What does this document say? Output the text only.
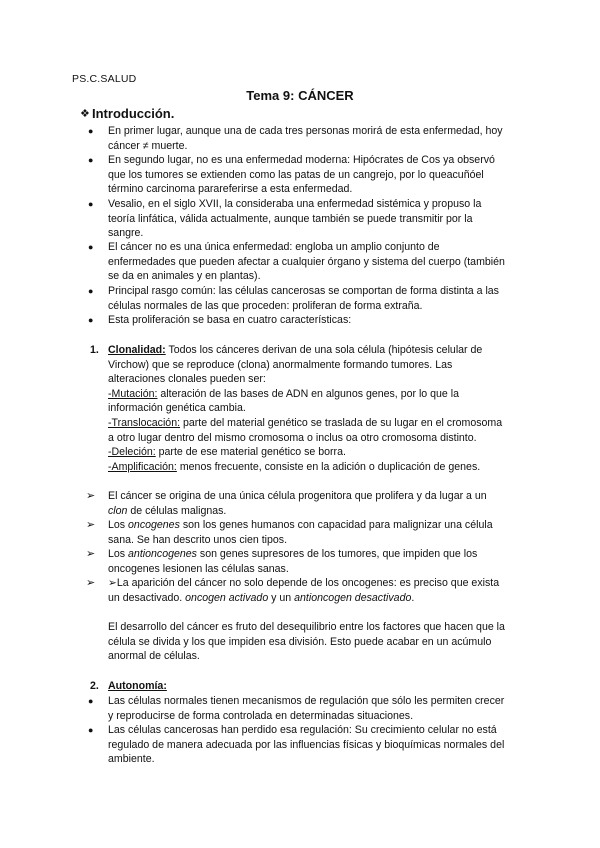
PS.C.SALUD
Tema 9: CÁNCER
❖ Introducción.
● En primer lugar, aunque una de cada tres personas morirá de esta enfermedad, hoy
cáncer ≠ muerte.
● En segundo lugar, no es una enfermedad moderna: Hipócrates de Cos ya observó
que los tumores se extienden como las patas de un cangrejo, por lo queacuñóel
término carcinoma parareferirse a esta enfermedad.
● Vesalio, en el siglo XVII, la consideraba una enfermedad sistémica y propuso la
teoría linfática, válida actualmente, aunque también se puede transmitir por la
sangre.
● El cáncer no es una única enfermedad: engloba un amplio conjunto de
enfermedades que pueden afectar a cualquier órgano y sistema del cuerpo (también
se da en animales y en plantas).
● Principal rasgo común: las células cancerosas se comportan de forma distinta a las
células normales de las que proceden: proliferan de forma extraña.
● Esta proliferación se basa en cuatro características:
1. Clonalidad: Todos los cánceres derivan de una sola célula (hipótesis celular de
Virchow) que se reproduce (clona) anormalmente formando tumores. Las
alteraciones clonales pueden ser:
-Mutación: alteración de las bases de ADN en algunos genes, por lo que la
información genética cambia.
-Translocación: parte del material genético se traslada de su lugar en el cromosoma
a otro lugar dentro del mismo cromosoma o inclus oa otro cromosoma distinto.
-Deleción: parte de ese material genético se borra.
-Amplificación: menos frecuente, consiste en la adición o duplicación de genes.
➢ El cáncer se origina de una única célula progenitora que prolifera y da lugar a un
clon de células malignas.
➢ Los oncogenes son los genes humanos con capacidad para malignizar una célula
sana. Se han descrito unos cien tipos.
➢ Los antioncogenes son genes supresores de los tumores, que impiden que los
oncogenes lesionen las células sanas.
➢ ➢La aparición del cáncer no solo depende de los oncogenes: es preciso que exista
un desactivado. oncogen activado y un antioncogen desactivado.
El desarrollo del cáncer es fruto del desequilibrio entre los factores que hacen que la
célula se divida y los que impiden esa división. Esto puede acabar en un acúmulo
anormal de células.
2. Autonomía:
● Las células normales tienen mecanismos de regulación que sólo les permiten crecer
y reproducirse de forma controlada en determinadas situaciones.
● Las células cancerosas han perdido esa regulación: Su crecimiento celular no está
regulado de manera adecuada por las influencias físicas y bioquímicas normales del
ambiente.
